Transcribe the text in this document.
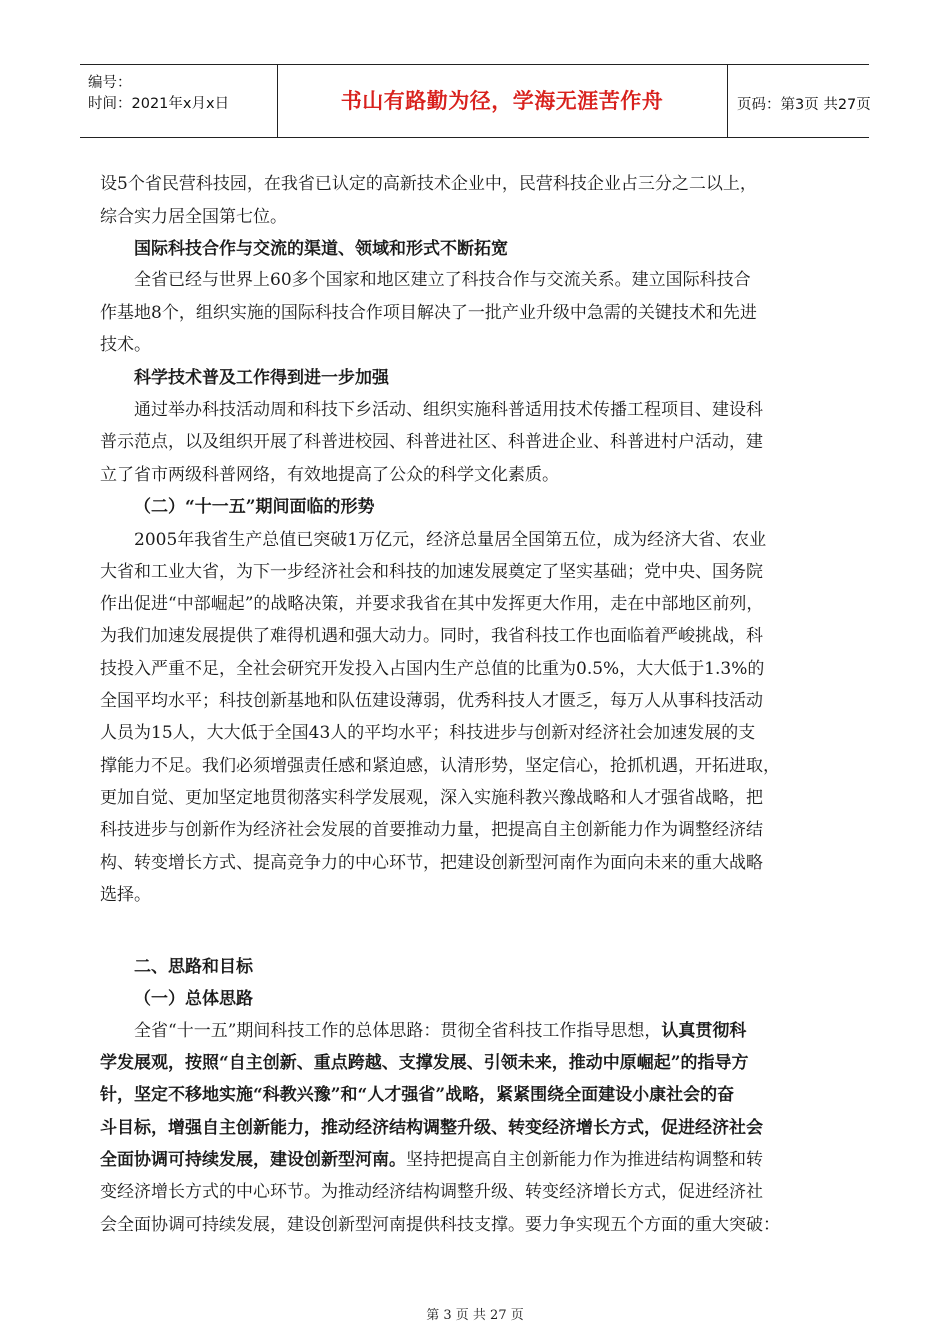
编号：
时间：2021年x月x日	书山有路勤为径，学海无涯苦作舟	页码：第3页 共27页
设5个省民营科技园，在我省已认定的高新技术企业中，民营科技企业占三分之二以上，
综合实力居全国第七位。
国际科技合作与交流的渠道、领域和形式不断拓宽
全省已经与世界上60多个国家和地区建立了科技合作与交流关系。建立国际科技合
作基地8个，组织实施的国际科技合作项目解决了一批产业升级中急需的关键技术和先进
技术。
科学技术普及工作得到进一步加强
通过举办科技活动周和科技下乡活动、组织实施科普适用技术传播工程项目、建设科
普示范点，以及组织开展了科普进校园、科普进社区、科普进企业、科普进村户活动，建
立了省市两级科普网络，有效地提高了公众的科学文化素质。
（二）“十一五”期间面临的形势
2005年我省生产总值已突破1万亿元，经济总量居全国第五位，成为经济大省、农业
大省和工业大省，为下一步经济社会和科技的加速发展奠定了坚实基础；党中央、国务院
作出促进“中部崛起”的战略决策，并要求我省在其中发挥更大作用，走在中部地区前列，
为我们加速发展提供了难得机遇和强大动力。同时，我省科技工作也面临着严峻挑战，科
技投入严重不足，全社会研究开发投入占国内生产总值的比重为0.5%，大大低于1.3%的
全国平均水平；科技创新基地和队伍建设薄弱，优秀科技人才匮乏，每万人从事科技活动
人员为15人，大大低于全国43人的平均水平；科技进步与创新对经济社会加速发展的支
撑能力不足。我们必须增强责任感和紧迫感，认清形势，坚定信心，抢抓机遇，开拓进取，
更加自觉、更加坚定地贯彻落实科学发展观，深入实施科教兴豫战略和人才强省战略，把
科技进步与创新作为经济社会发展的首要推动力量，把提高自主创新能力作为调整经济结
构、转变增长方式、提高竞争力的中心环节，把建设创新型河南作为面向未来的重大战略
选择。
二、思路和目标
（一）总体思路
全省“十一五”期间科技工作的总体思路：贯彻全省科技工作指导思想，认真贯彻科
学发展观，按照“自主创新、重点跨越、支撑发展、引领未来，推动中原崛起”的指导方
针，坚定不移地实施“科教兴豫”和“人才强省”战略，紧紧围绕全面建设小康社会的奋
斗目标，增强自主创新能力，推动经济结构调整升级、转变经济增长方式，促进经济社会
全面协调可持续发展，建设创新型河南。坚持把提高自主创新能力作为推进结构调整和转
变经济增长方式的中心环节。为推动经济结构调整升级、转变经济增长方式，促进经济社
会全面协调可持续发展，建设创新型河南提供科技支撑。要力争实现五个方面的重大突破：
第 3 页 共 27 页
